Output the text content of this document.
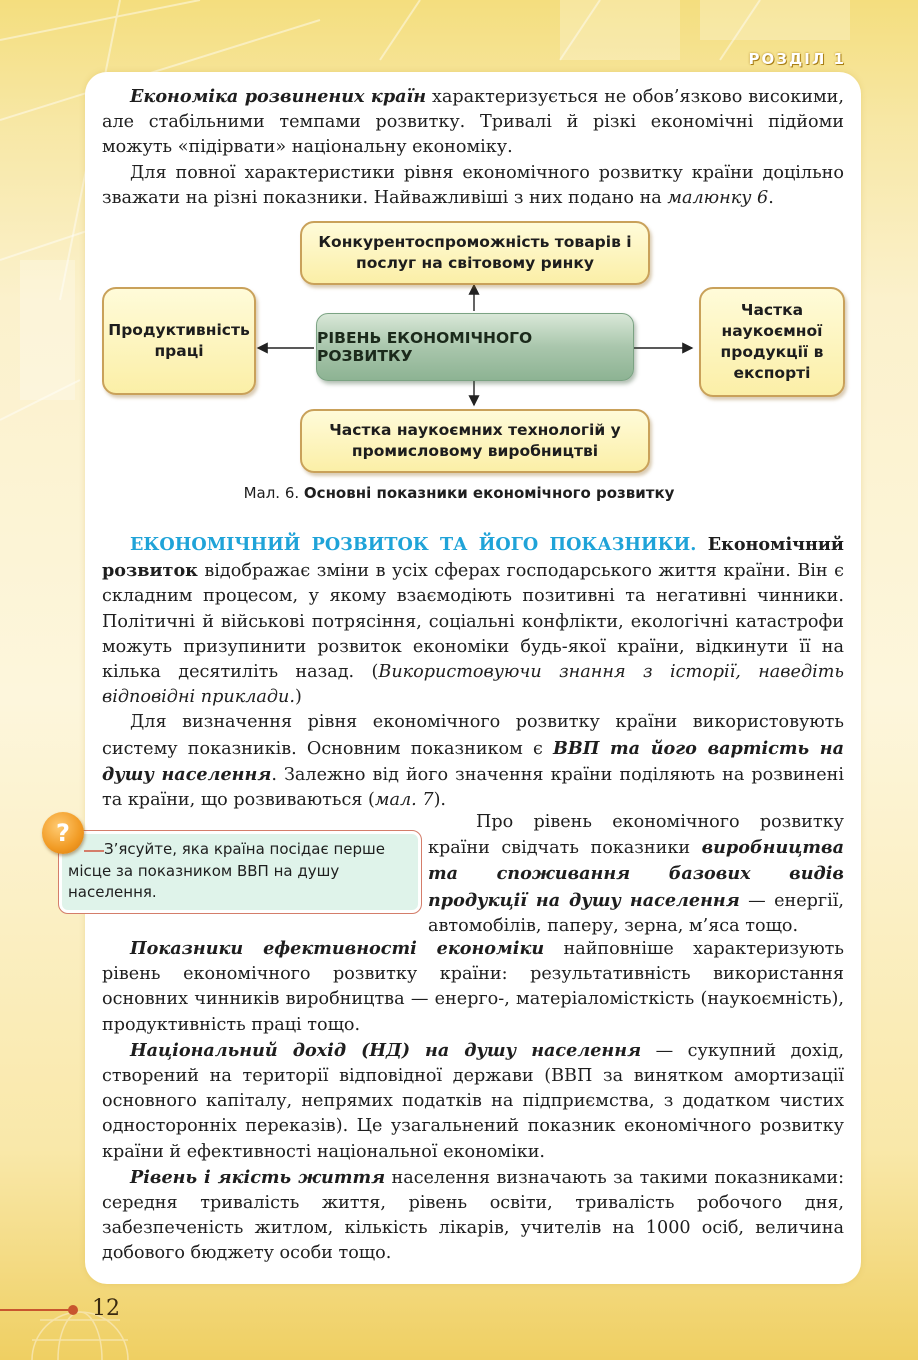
РОЗДІЛ 1

Економіка розвинених країн характеризується не обов’язково високими, але стабільними темпами розвитку. Тривалі й різкі економічні підйоми можуть «підірвати» національну економіку.

Для повної характеристики рівня економічного розвитку країни доцільно зважати на різні показники. Найважливіші з них подано на малюнку 6.

Конкурентоспроможність товарів і послуг на світовому ринку
Продуктивність праці
РІВЕНЬ ЕКОНОМІЧНОГО РОЗВИТКУ
Частка наукоємної продукції в експорті
Частка наукоємних технологій у промисловому виробництві
Мал. 6. Основні показники економічного розвитку

ЕКОНОМІЧНИЙ РОЗВИТОК ТА ЙОГО ПОКАЗНИКИ. Економічний розвиток відображає зміни в усіх сферах господарського життя країни. Він є складним процесом, у якому взаємодіють позитивні та негативні чинники. Політичні й військові потрясіння, соціальні конфлікти, екологічні катастрофи можуть призупинити розвиток економіки будь-якої країни, відкинути її на кілька десятиліть назад. (Використовуючи знання з історії, наведіть відповідні приклади.)

Для визначення рівня економічного розвитку країни використовують систему показників. Основним показником є ВВП та його вартість на душу населення. Залежно від його значення країни поділяють на розвинені та країни, що розвиваються (мал. 7).

?
З’ясуйте, яка країна посідає перше місце за показником ВВП на душу населення.

Про рівень економічного розвитку країни свідчать показники виробництва та споживання базових видів продукції на душу населення — енергії, автомобілів, паперу, зерна, м’яса тощо.

Показники ефективності економіки найповніше характеризують рівень економічного розвитку країни: результативність використання основних чинників виробництва — енерго-, матеріаломісткість (наукоємність), продуктивність праці тощо.

Національний дохід (НД) на душу населення — сукупний дохід, створений на території відповідної держави (ВВП за винятком амортизації основного капіталу, непрямих податків на підприємства, з додатком чистих односторонніх переказів). Це узагальнений показник економічного розвитку країни й ефективності національної економіки.

Рівень і якість життя населення визначають за такими показниками: середня тривалість життя, рівень освіти, тривалість робочого дня, забезпеченість житлом, кількість лікарів, учителів на 1000 осіб, величина добового бюджету особи тощо.

12
